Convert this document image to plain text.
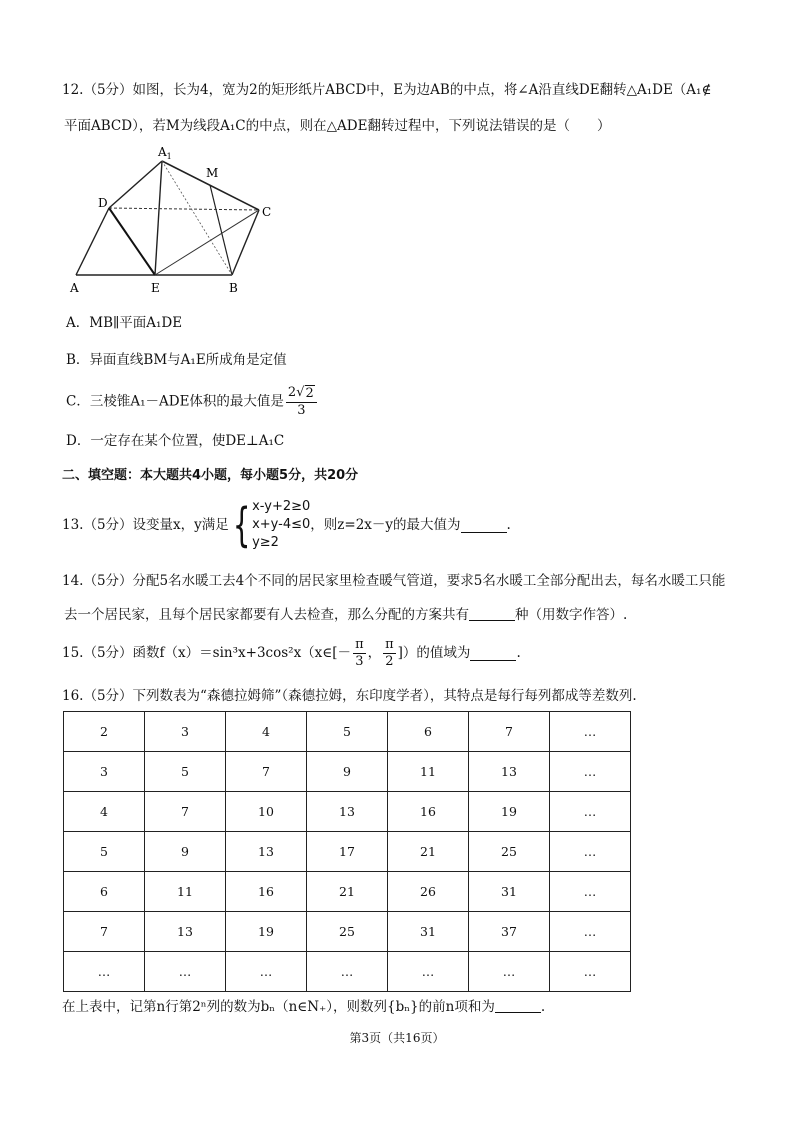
12.（5分）如图，长为4，宽为2的矩形纸片ABCD中，E为边AB的中点，将∠A沿直线DE翻转△A₁DE（A₁∉
平面ABCD），若M为线段A₁C的中点，则在△ADE翻转过程中，下列说法错误的是（　　）
$A_1$
M
D
C
A	E	B
A．MB∥平面A₁DE
B．异面直线BM与A₁E所成角是定值
C．三棱锥A₁－ADE体积的最大值是 $\frac{2 √ 2}{3}$
D．一定存在某个位置，使DE⊥A₁C
二、填空题：本大题共4小题，每小题5分，共20分
13.（5分）设变量x，y满足 { x-y+2≥0
x+y-4≤0
y≥2
，则z=2x－y的最大值为	.
14.（5分）分配5名水暖工去4个不同的居民家里检查暖气管道，要求5名水暖工全部分配出去，每名水暖工只能
去一个居民家，且每个居民家都要有人去检查，那么分配的方案共有	种（用数字作答）.
15.（5分）函数f（x）＝sin³x+3cos²x（x∈[－ $\frac{\pi}{3}$ ， $\frac{\pi}{2}$ ]）的值域为	.
16.（5分）下列数表为“森德拉姆筛”（森德拉姆，东印度学者），其特点是每行每列都成等差数列.
2	3	4	5	6	7	…
3	5	7	9	11	13	…
4	7	10	13	16	19	…
5	9	13	17	21	25	…
6	11	16	21	26	31	…
7	13	19	25	31	37	…
…	…	…	…	…	…	…
在上表中，记第n行第2ⁿ列的数为bₙ（n∈N₊），则数列{bₙ}的前n项和为	.
第3页（共16页）
